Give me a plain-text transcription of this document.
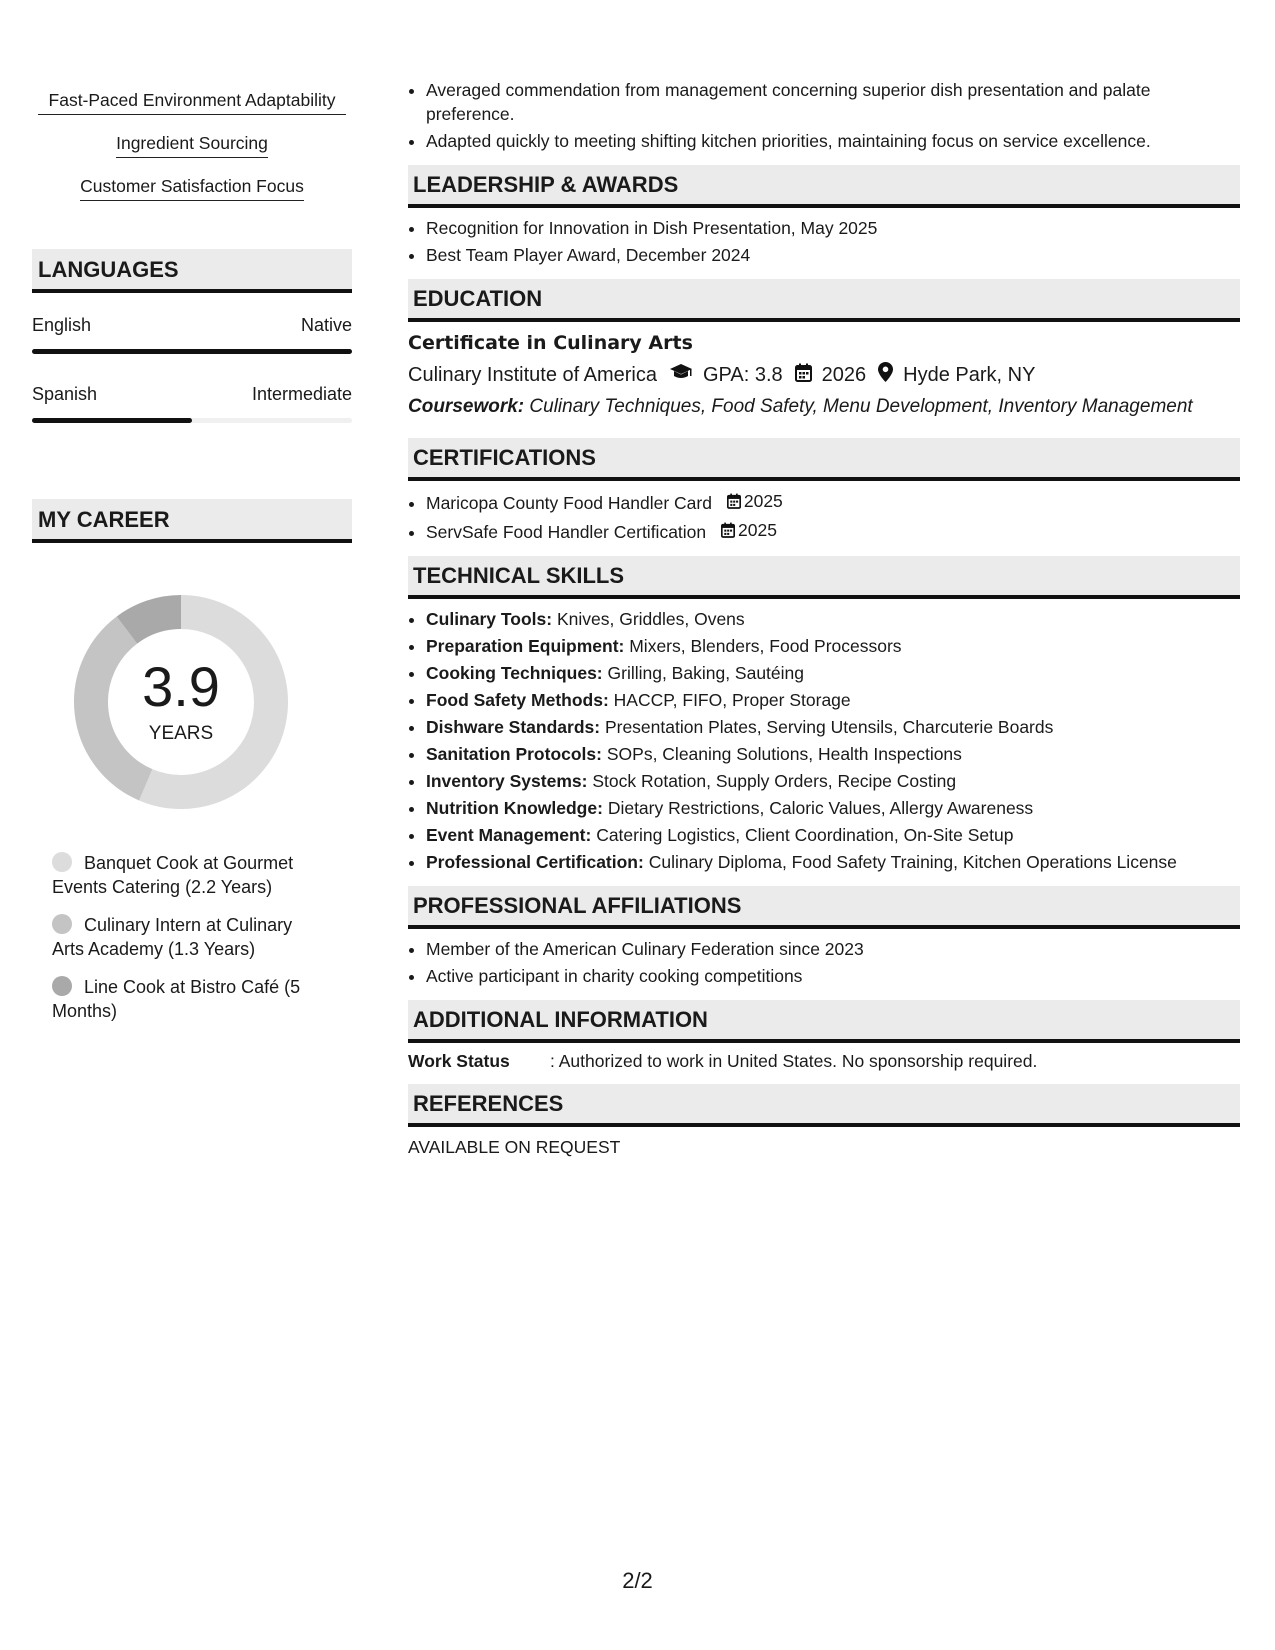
Fast-Paced Environment Adaptability
Ingredient Sourcing
Customer Satisfaction Focus
LANGUAGES
English	Native
Spanish	Intermediate
MY CAREER
3.9
YEARS
Banquet Cook at Gourmet Events Catering (2.2 Years)
Culinary Intern at Culinary Arts Academy (1.3 Years)
Line Cook at Bistro Café (5 Months)
• Averaged commendation from management concerning superior dish presentation and palate preference.
• Adapted quickly to meeting shifting kitchen priorities, maintaining focus on service excellence.
LEADERSHIP & AWARDS
• Recognition for Innovation in Dish Presentation, May 2025
• Best Team Player Award, December 2024
EDUCATION
Certificate in Culinary Arts
Culinary Institute of America GPA: 3.8 2026 Hyde Park, NY
Coursework: Culinary Techniques, Food Safety, Menu Development, Inventory Management
CERTIFICATIONS
• Maricopa County Food Handler Card 2025
• ServSafe Food Handler Certification 2025
TECHNICAL SKILLS
• Culinary Tools: Knives, Griddles, Ovens
• Preparation Equipment: Mixers, Blenders, Food Processors
• Cooking Techniques: Grilling, Baking, Sautéing
• Food Safety Methods: HACCP, FIFO, Proper Storage
• Dishware Standards: Presentation Plates, Serving Utensils, Charcuterie Boards
• Sanitation Protocols: SOPs, Cleaning Solutions, Health Inspections
• Inventory Systems: Stock Rotation, Supply Orders, Recipe Costing
• Nutrition Knowledge: Dietary Restrictions, Caloric Values, Allergy Awareness
• Event Management: Catering Logistics, Client Coordination, On-Site Setup
• Professional Certification: Culinary Diploma, Food Safety Training, Kitchen Operations License
PROFESSIONAL AFFILIATIONS
• Member of the American Culinary Federation since 2023
• Active participant in charity cooking competitions
ADDITIONAL INFORMATION
Work Status	: Authorized to work in United States. No sponsorship required.
REFERENCES
AVAILABLE ON REQUEST
2/2
